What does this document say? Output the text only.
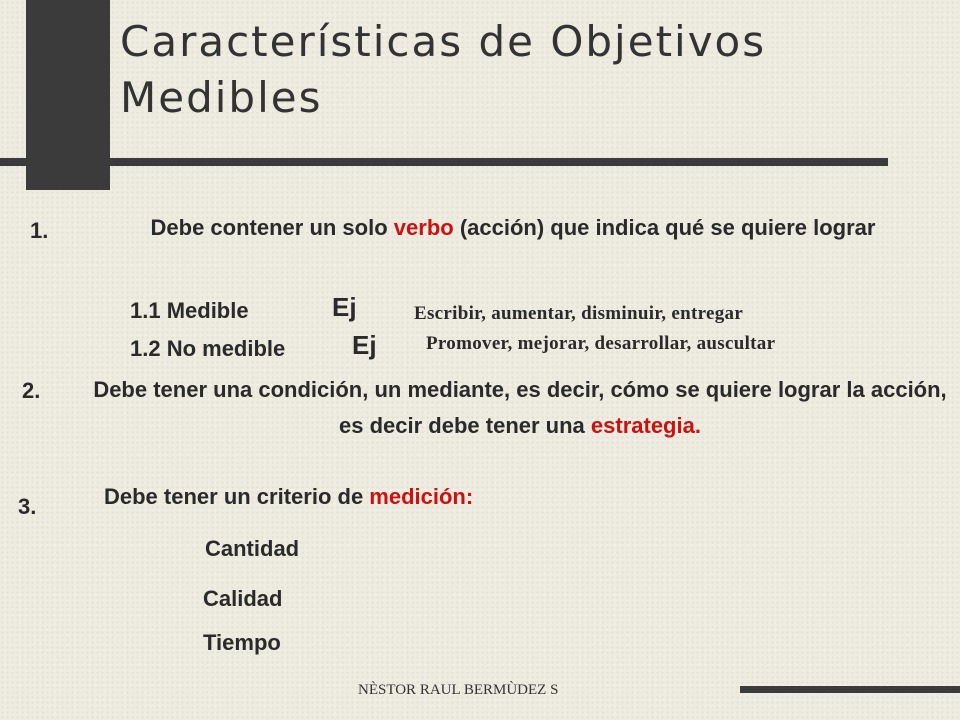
Características de Objetivos Medibles
1.	Debe contener un solo verbo (acción) que indica qué se quiere lograr
1.1 Medible	Ej	Escribir, aumentar, disminuir, entregar
1.2 No medible	Ej	Promover, mejorar, desarrollar, auscultar
2.	Debe tener una condición, un mediante, es decir, cómo se quiere lograr la acción, es decir debe tener una estrategia.
3.	Debe tener un criterio de medición:
Cantidad
Calidad
Tiempo
NÈSTOR RAUL BERMÙDEZ S
